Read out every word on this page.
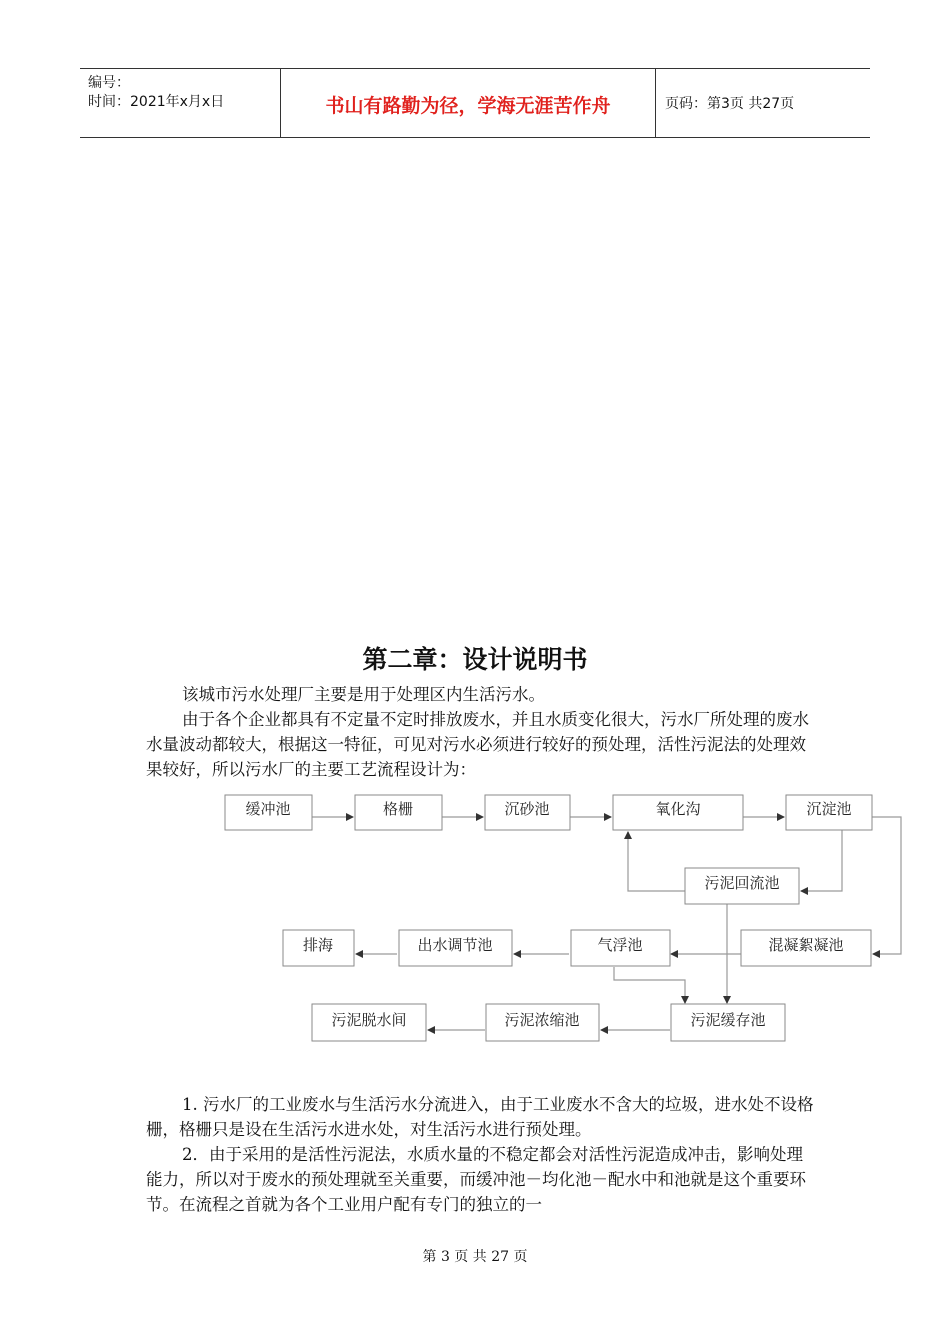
编号：
时间：2021年x月x日	书山有路勤为径，学海无涯苦作舟	页码：第3页 共27页
第二章：设计说明书

该城市污水处理厂主要是用于处理区内生活污水。

由于各个企业都具有不定量不定时排放废水，并且水质变化很大，污水厂所处理的废水水量波动都较大，根据这一特征，可见对污水必须进行较好的预处理，活性污泥法的处理效果较好，所以污水厂的主要工艺流程设计为：

缓冲池	格栅	沉砂池	氧化沟	沉淀池
污泥回流池
排海	出水调节池	气浮池	混凝絮凝池
污泥脱水间	污泥浓缩池	污泥缓存池

1. 污水厂的工业废水与生活污水分流进入，由于工业废水不含大的垃圾，进水处不设格栅，格栅只是设在生活污水进水处，对生活污水进行预处理。

2．由于采用的是活性污泥法，水质水量的不稳定都会对活性污泥造成冲击，影响处理能力，所以对于废水的预处理就至关重要，而缓冲池－均化池－配水中和池就是这个重要环节。在流程之首就为各个工业用户配有专门的独立的一

第 3 页 共 27 页
